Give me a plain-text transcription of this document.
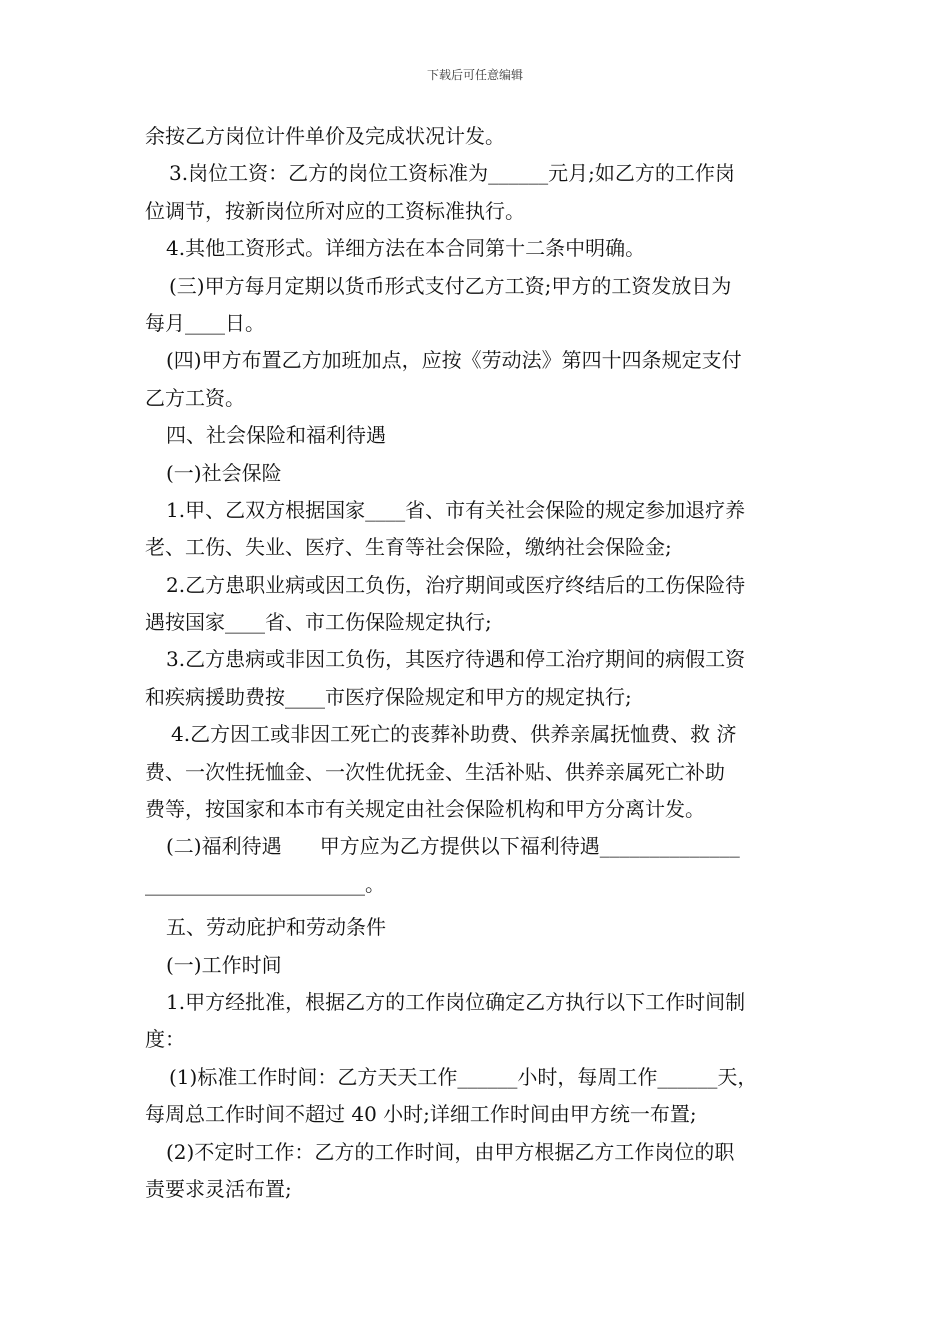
下载后可任意编辑
余按乙方岗位计件单价及完成状况计发。
3.岗位工资：乙方的岗位工资标准为______元月;如乙方的工作岗
位调节，按新岗位所对应的工资标准执行。
4.其他工资形式。详细方法在本合同第十二条中明确。
(三)甲方每月定期以货币形式支付乙方工资;甲方的工资发放日为
每月____日。
(四)甲方布置乙方加班加点，应按《劳动法》第四十四条规定支付
乙方工资。
四、社会保险和福利待遇
(一)社会保险
1.甲、乙双方根据国家____省、市有关社会保险的规定参加退疗养
老、工伤、失业、医疗、生育等社会保险，缴纳社会保险金;
2.乙方患职业病或因工负伤，治疗期间或医疗终结后的工伤保险待
遇按国家____省、市工伤保险规定执行;
3.乙方患病或非因工负伤，其医疗待遇和停工治疗期间的病假工资
和疾病援助费按____市医疗保险规定和甲方的规定执行;
4.乙方因工或非因工死亡的丧葬补助费、供养亲属抚恤费、救 济
费、一次性抚恤金、一次性优抚金、生活补贴、供养亲属死亡补助
费等，按国家和本市有关规定由社会保险机构和甲方分离计发。
(二)福利待遇      甲方应为乙方提供以下福利待遇______________
______________________。
五、劳动庇护和劳动条件
(一)工作时间
1.甲方经批准，根据乙方的工作岗位确定乙方执行以下工作时间制
度：
(1)标准工作时间：乙方天天工作______小时，每周工作______天，
每周总工作时间不超过 40 小时;详细工作时间由甲方统一布置;
(2)不定时工作：乙方的工作时间，由甲方根据乙方工作岗位的职
责要求灵活布置;
